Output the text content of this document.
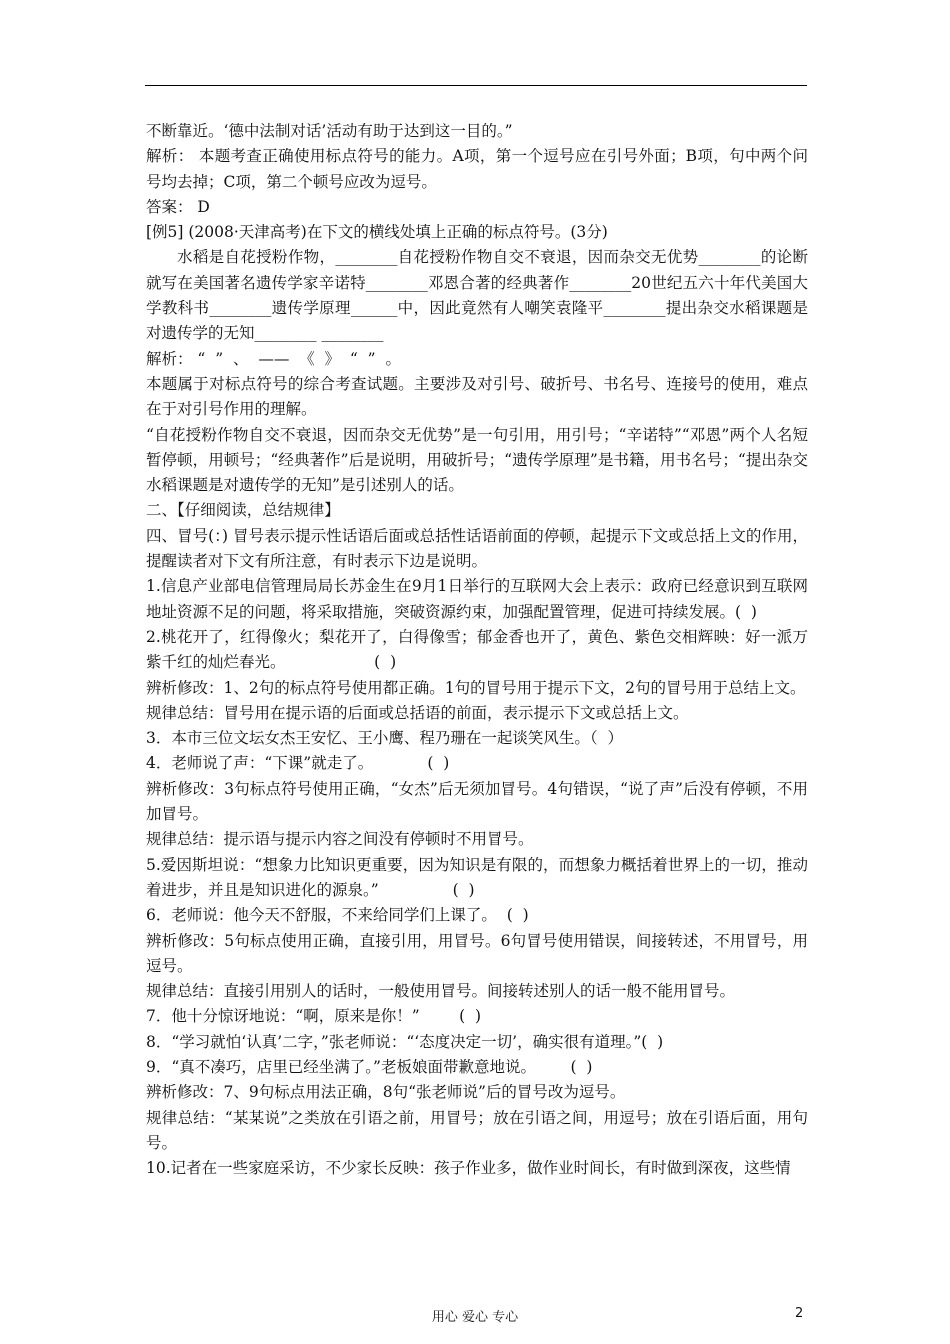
不断靠近。‘德中法制对话’活动有助于达到这一目的。”

解析： 本题考查正确使用标点符号的能力。A项，第一个逗号应在引号外面；B项，句中两个问号均去掉；C项，第二个顿号应改为逗号。

答案： D

[例5] (2008·天津高考)在下文的横线处填上正确的标点符号。(3分)

水稻是自花授粉作物，________自花授粉作物自交不衰退，因而杂交无优势________的论断就写在美国著名遗传学家辛诺特________邓恩合著的经典著作________20世纪五六十年代美国大学教科书________遗传学原理______中，因此竟然有人嘲笑袁隆平________提出杂交水稻课题是对遗传学的无知________ ________

解析： “  ”  、  ——  《  》  “  ”  。

本题属于对标点符号的综合考查试题。主要涉及对引号、破折号、书名号、连接号的使用，难点在于对引号作用的理解。

“自花授粉作物自交不衰退，因而杂交无优势”是一句引用，用引号；“辛诺特”“邓恩”两个人名短暂停顿，用顿号；“经典著作”后是说明，用破折号；“遗传学原理”是书籍，用书名号；“提出杂交水稻课题是对遗传学的无知”是引述别人的话。

二、【仔细阅读，总结规律】

四、冒号(：) 冒号表示提示性话语后面或总括性话语前面的停顿，起提示下文或总括上文的作用，提醒读者对下文有所注意，有时表示下边是说明。

1.信息产业部电信管理局局长苏金生在9月1日举行的互联网大会上表示：政府已经意识到互联网地址资源不足的问题，将采取措施，突破资源约束，加强配置管理，促进可持续发展。(  )

2.桃花开了，红得像火；梨花开了，白得像雪；郁金香也开了，黄色、紫色交相辉映：好一派万紫千红的灿烂春光。                  (  )

辨析修改：1、2句的标点符号使用都正确。1句的冒号用于提示下文，2句的冒号用于总结上文。

规律总结：冒号用在提示语的后面或总括语的前面，表示提示下文或总括上文。

3．本市三位文坛女杰王安忆、王小鹰、程乃珊在一起谈笑风生。（  ）

4．老师说了声：“下课”就走了。           (  )

辨析修改：3句标点符号使用正确，“女杰”后无须加冒号。4句错误，“说了声”后没有停顿，不用加冒号。

规律总结：提示语与提示内容之间没有停顿时不用冒号。

5.爱因斯坦说：“想象力比知识更重要，因为知识是有限的，而想象力概括着世界上的一切，推动着进步，并且是知识进化的源泉。”               (  )

6．老师说：他今天不舒服，不来给同学们上课了。  (  )

辨析修改：5句标点使用正确，直接引用，用冒号。6句冒号使用错误，间接转述，不用冒号，用逗号。

规律总结：直接引用别人的话时，一般使用冒号。间接转述别人的话一般不能用冒号。

7．他十分惊讶地说：“啊，原来是你！”        (  )

8．“学习就怕‘认真’二字，”张老师说：“‘态度决定一切’，确实很有道理。”(  )

9．“真不凑巧，店里已经坐满了。”老板娘面带歉意地说。       (  )

辨析修改：7、9句标点用法正确，8句“张老师说”后的冒号改为逗号。

规律总结：“某某说”之类放在引语之前，用冒号；放在引语之间，用逗号；放在引语后面，用句号。

10.记者在一些家庭采访，不少家长反映：孩子作业多，做作业时间长，有时做到深夜，这些情

用心 爱心 专心	2
